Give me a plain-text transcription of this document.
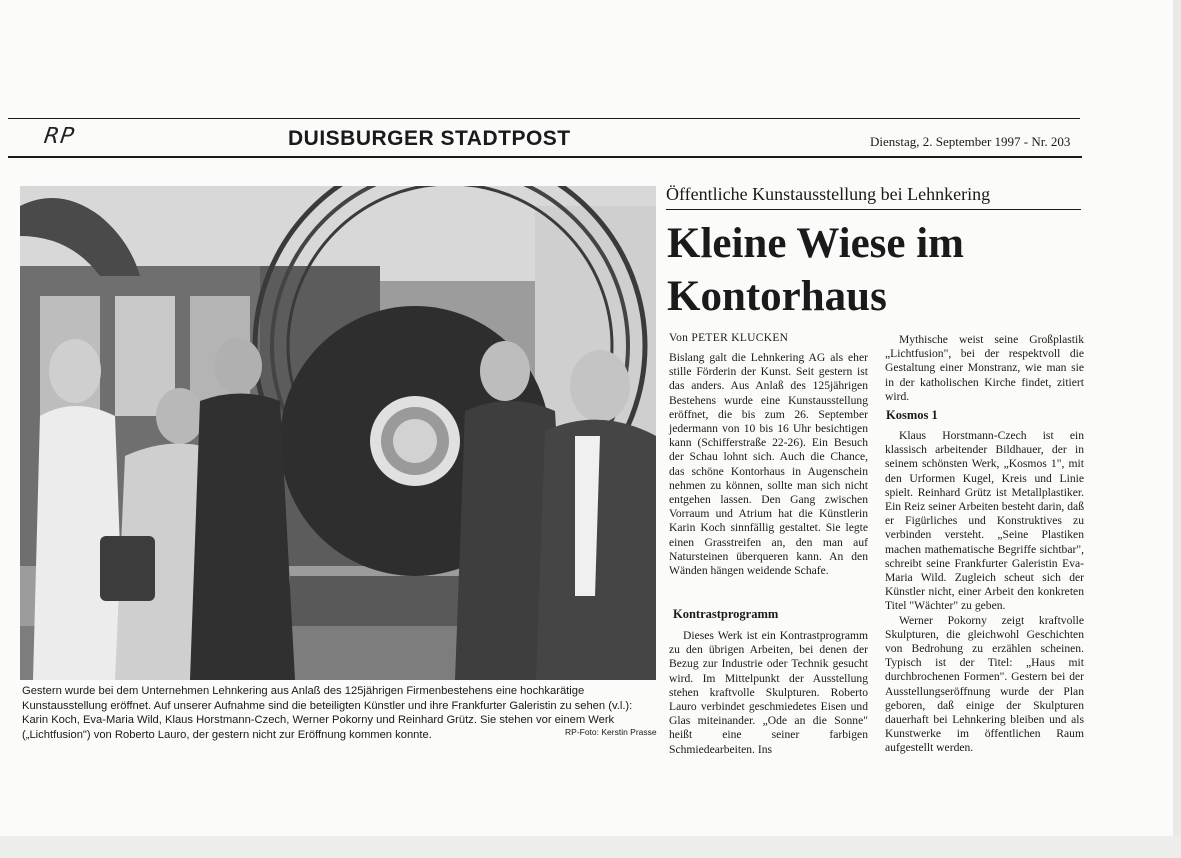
RP	DUISBURGER STADTPOST	Dienstag, 2. September 1997 - Nr. 203
Gestern wurde bei dem Unternehmen Lehnkering aus Anlaß des 125jährigen Firmenbestehens eine hochkarätige Kunstausstellung eröffnet. Auf unserer Aufnahme sind die beteiligten Künstler und ihre Frankfurter Galeristin zu sehen (v.l.): Karin Koch, Eva-Maria Wild, Klaus Horstmann-Czech, Werner Pokorny und Reinhard Grütz. Sie stehen vor einem Werk („Lichtfusion") von Roberto Lauro, der gestern nicht zur Eröffnung kommen konnte.	RP-Foto: Kerstin Prasse
Öffentliche Kunstausstellung bei Lehnkering
Kleine Wiese im
Kontorhaus
Von PETER KLUCKEN

Bislang galt die Lehnkering AG als eher stille Förderin der Kunst. Seit gestern ist das anders. Aus Anlaß des 125jährigen Bestehens wurde eine Kunstausstellung eröffnet, die bis zum 26. September jedermann von 10 bis 16 Uhr besichtigen kann (Schifferstraße 22-26). Ein Besuch der Schau lohnt sich. Auch die Chance, das schöne Kontorhaus in Augenschein nehmen zu können, sollte man sich nicht entgehen lassen. Den Gang zwischen Vorraum und Atrium hat die Künstlerin Karin Koch sinnfällig gestaltet. Sie legte einen Grasstreifen an, den man auf Natursteinen überqueren kann. An den Wänden hängen weidende Schafe.

Kontrastprogramm

Dieses Werk ist ein Kontrastprogramm zu den übrigen Arbeiten, bei denen der Bezug zur Industrie oder Technik gesucht wird. Im Mittelpunkt der Ausstellung stehen kraftvolle Skulpturen. Roberto Lauro verbindet geschmiedetes Eisen und Glas miteinander. „Ode an die Sonne" heißt eine seiner farbigen Schmiedearbeiten. Ins

Mythische weist seine Großplastik „Lichtfusion", bei der respektvoll die Gestaltung einer Monstranz, wie man sie in der katholischen Kirche findet, zitiert wird.

Kosmos 1

Klaus Horstmann-Czech ist ein klassisch arbeitender Bildhauer, der in seinem schönsten Werk, „Kosmos 1", mit den Urformen Kugel, Kreis und Linie spielt. Reinhard Grütz ist Metallplastiker. Ein Reiz seiner Arbeiten besteht darin, daß er Figürliches und Konstruktives zu verbinden versteht. „Seine Plastiken machen mathematische Begriffe sichtbar", schreibt seine Frankfurter Galeristin Eva-Maria Wild. Zugleich scheut sich der Künstler nicht, einer Arbeit den konkreten Titel "Wächter" zu geben.

Werner Pokorny zeigt kraftvolle Skulpturen, die gleichwohl Geschichten von Bedrohung zu erzählen scheinen. Typisch ist der Titel: „Haus mit durchbrochenen Formen". Gestern bei der Ausstellungseröffnung wurde der Plan geboren, daß einige der Skulpturen dauerhaft bei Lehnkering bleiben und als Kunstwerke im öffentlichen Raum aufgestellt werden.
